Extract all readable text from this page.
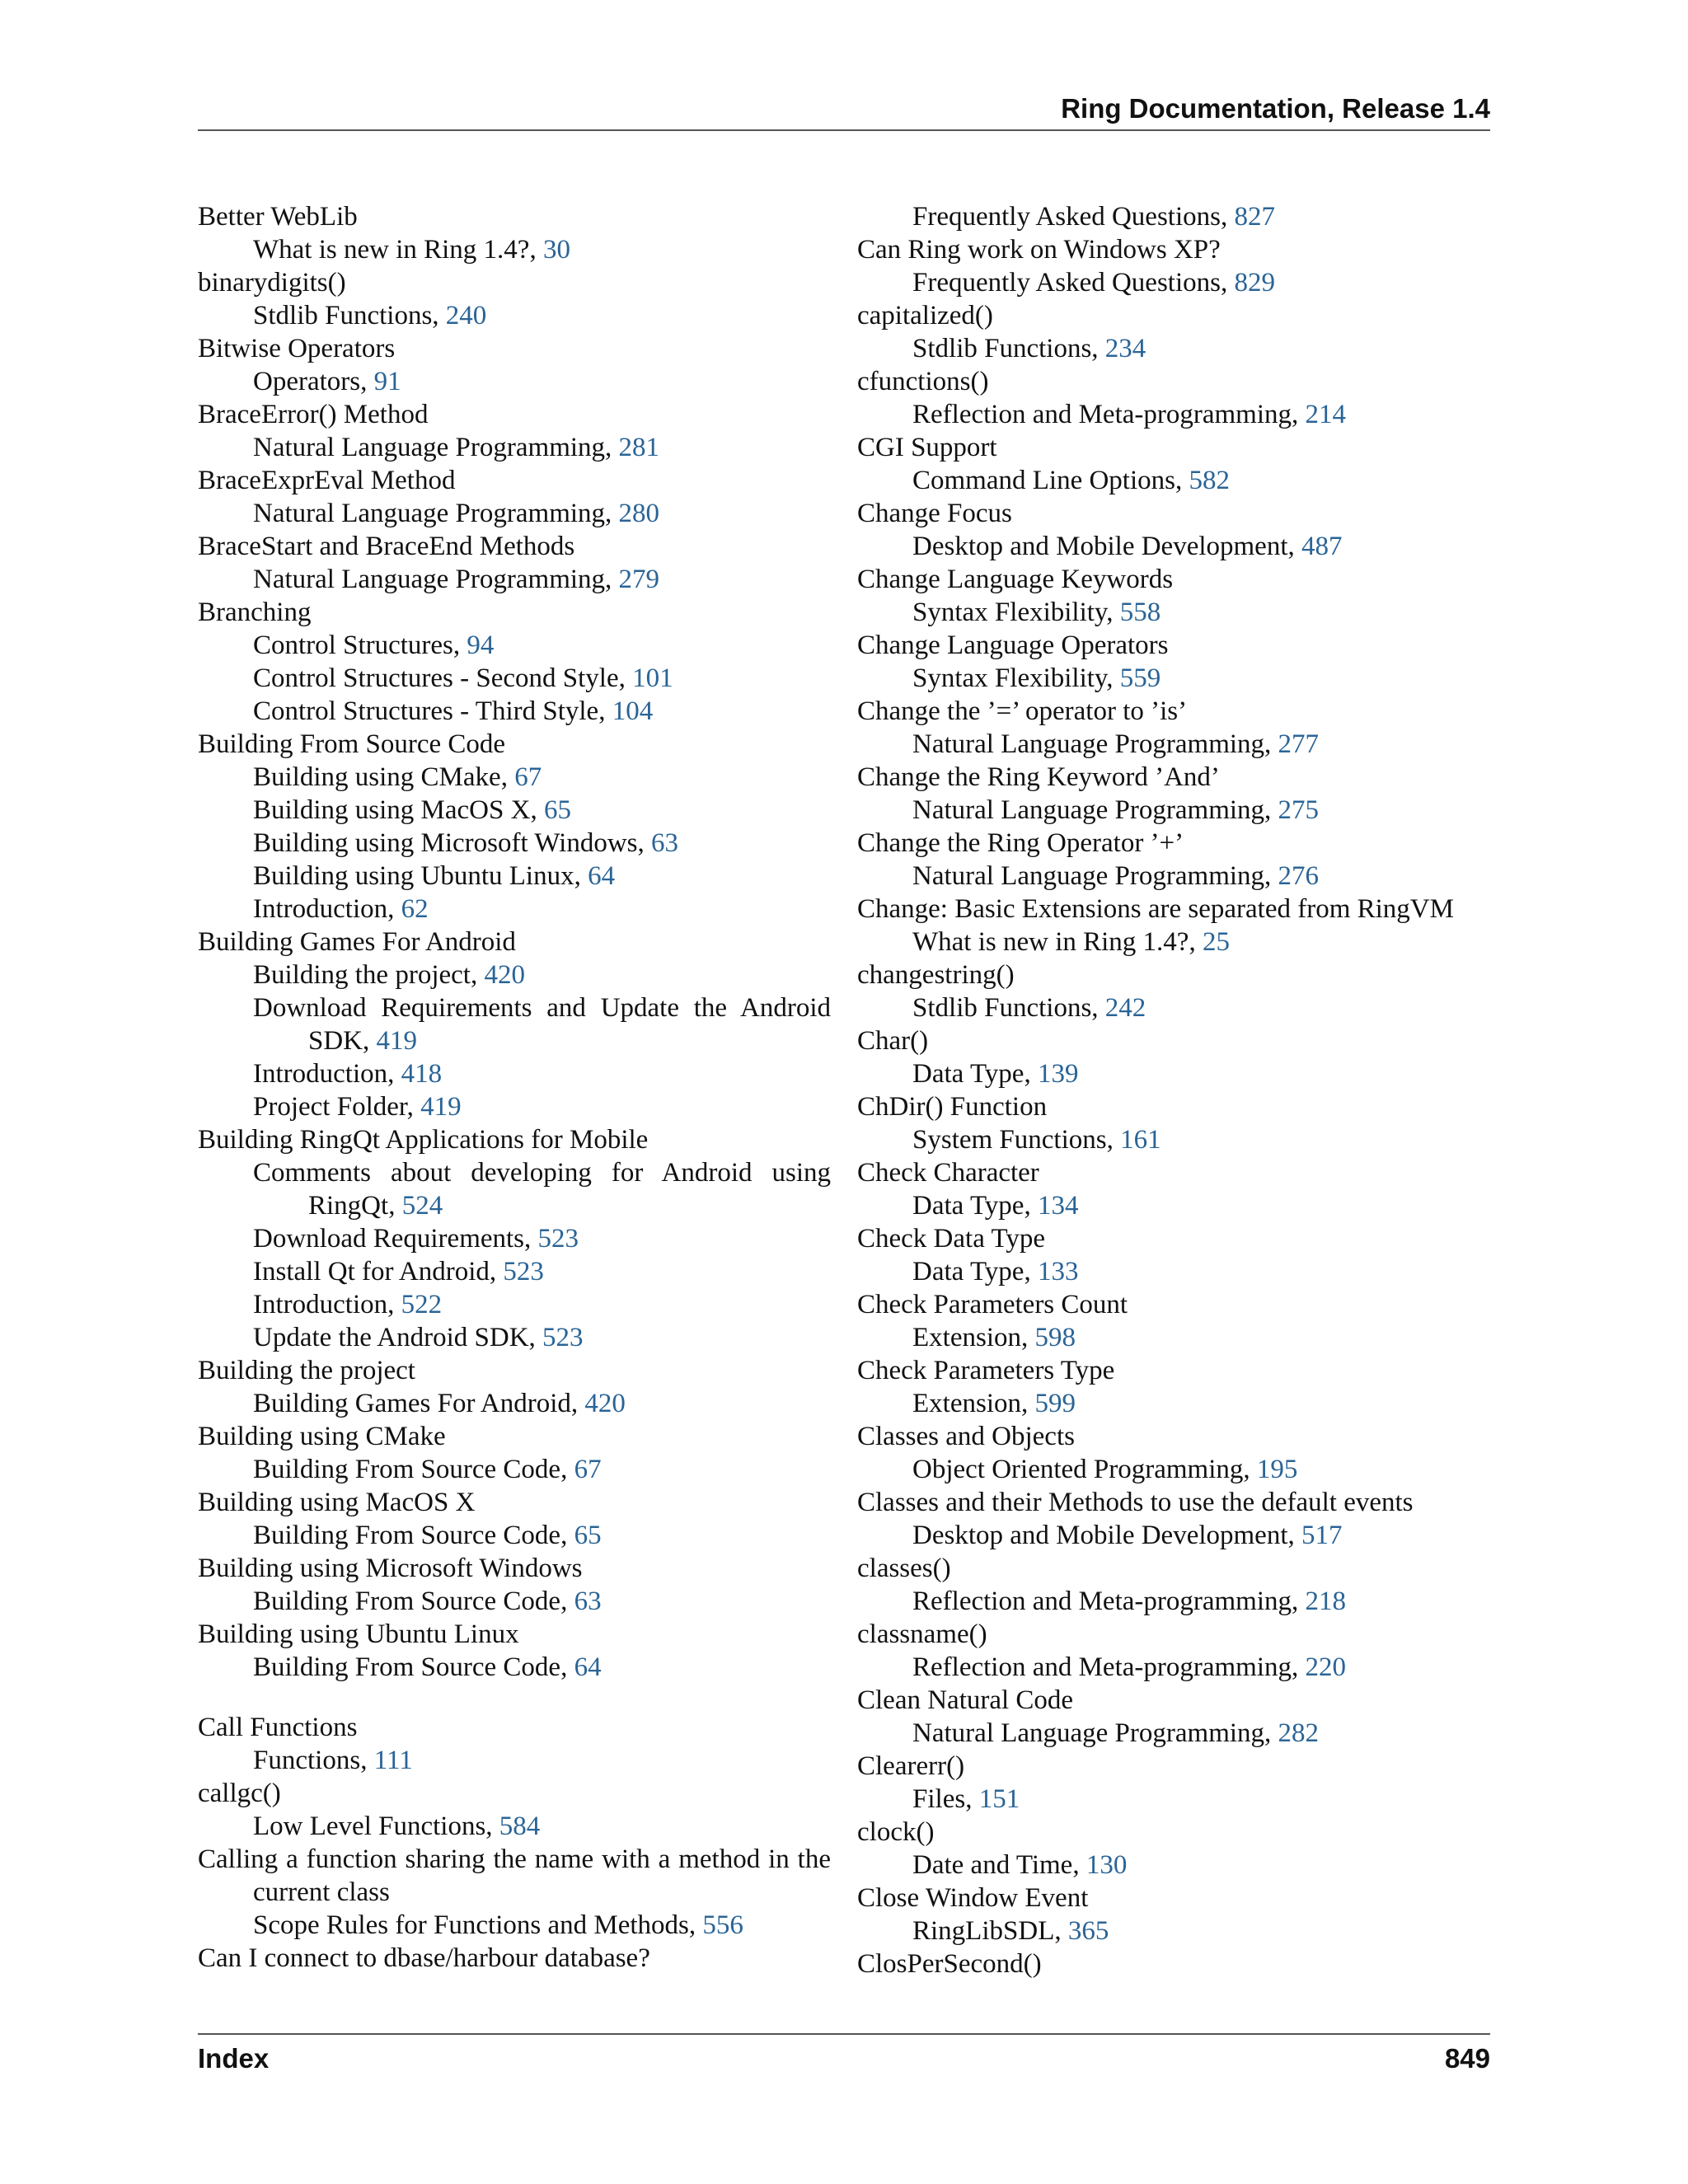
Ring Documentation, Release 1.4

Better WebLib

What is new in Ring 1.4?, 30

binarydigits()

Stdlib Functions, 240

Bitwise Operators

Operators, 91

BraceError() Method

Natural Language Programming, 281

BraceExprEval Method

Natural Language Programming, 280

BraceStart and BraceEnd Methods

Natural Language Programming, 279

Branching

Control Structures, 94

Control Structures - Second Style, 101

Control Structures - Third Style, 104

Building From Source Code

Building using CMake, 67

Building using MacOS X, 65

Building using Microsoft Windows, 63

Building using Ubuntu Linux, 64

Introduction, 62

Building Games For Android

Building the project, 420

Download Requirements and Update the Android SDK, 419

Introduction, 418

Project Folder, 419

Building RingQt Applications for Mobile

Comments about developing for Android using RingQt, 524

Download Requirements, 523

Install Qt for Android, 523

Introduction, 522

Update the Android SDK, 523

Building the project

Building Games For Android, 420

Building using CMake

Building From Source Code, 67

Building using MacOS X

Building From Source Code, 65

Building using Microsoft Windows

Building From Source Code, 63

Building using Ubuntu Linux

Building From Source Code, 64

Call Functions

Functions, 111

callgc()

Low Level Functions, 584

Calling a function sharing the name with a method in the current class

Scope Rules for Functions and Methods, 556

Can I connect to dbase/harbour database?

Frequently Asked Questions, 827

Can Ring work on Windows XP?

Frequently Asked Questions, 829

capitalized()

Stdlib Functions, 234

cfunctions()

Reflection and Meta-programming, 214

CGI Support

Command Line Options, 582

Change Focus

Desktop and Mobile Development, 487

Change Language Keywords

Syntax Flexibility, 558

Change Language Operators

Syntax Flexibility, 559

Change the ’=’ operator to ’is’

Natural Language Programming, 277

Change the Ring Keyword ’And’

Natural Language Programming, 275

Change the Ring Operator ’+’

Natural Language Programming, 276

Change: Basic Extensions are separated from RingVM

What is new in Ring 1.4?, 25

changestring()

Stdlib Functions, 242

Char()

Data Type, 139

ChDir() Function

System Functions, 161

Check Character

Data Type, 134

Check Data Type

Data Type, 133

Check Parameters Count

Extension, 598

Check Parameters Type

Extension, 599

Classes and Objects

Object Oriented Programming, 195

Classes and their Methods to use the default events

Desktop and Mobile Development, 517

classes()

Reflection and Meta-programming, 218

classname()

Reflection and Meta-programming, 220

Clean Natural Code

Natural Language Programming, 282

Clearerr()

Files, 151

clock()

Date and Time, 130

Close Window Event

RingLibSDL, 365

ClosPerSecond()

Index	849
